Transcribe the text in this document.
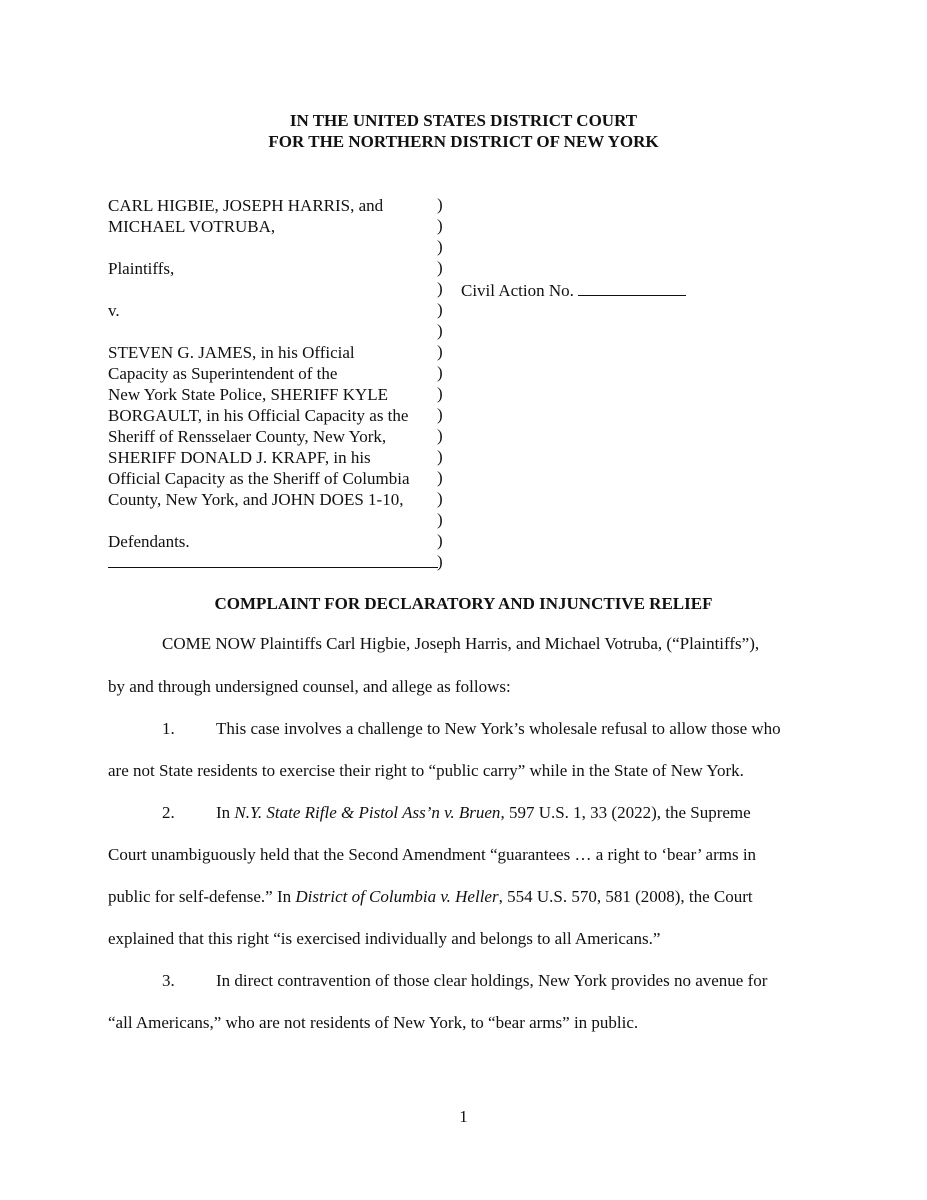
IN THE UNITED STATES DISTRICT COURT
FOR THE NORTHERN DISTRICT OF NEW YORK
CARL HIGBIE, JOSEPH HARRIS, and
MICHAEL VOTRUBA,
Plaintiffs,
v.
STEVEN G. JAMES, in his Official
Capacity as Superintendent of the
New York State Police, SHERIFF KYLE
BORGAULT, in his Official Capacity as the
Sheriff of Rensselaer County, New York,
SHERIFF DONALD J. KRAPF, in his
Official Capacity as the Sheriff of Columbia
County, New York, and JOHN DOES 1-10,
Defendants.
)
)
)
)
)
)
)
)
)
)
)
)
)
)
)
)
)
)
Civil Action No.
COMPLAINT FOR DECLARATORY AND INJUNCTIVE RELIEF
COME NOW Plaintiffs Carl Higbie, Joseph Harris, and Michael Votruba, (“Plaintiffs”),
by and through undersigned counsel, and allege as follows:
1. This case involves a challenge to New York’s wholesale refusal to allow those who
are not State residents to exercise their right to “public carry” while in the State of New York.
2. In N.Y. State Rifle & Pistol Ass’n v. Bruen, 597 U.S. 1, 33 (2022), the Supreme
Court unambiguously held that the Second Amendment “guarantees … a right to ‘bear’ arms in
public for self-defense.” In District of Columbia v. Heller, 554 U.S. 570, 581 (2008), the Court
explained that this right “is exercised individually and belongs to all Americans.”
3. In direct contravention of those clear holdings, New York provides no avenue for
“all Americans,” who are not residents of New York, to “bear arms” in public.
1
